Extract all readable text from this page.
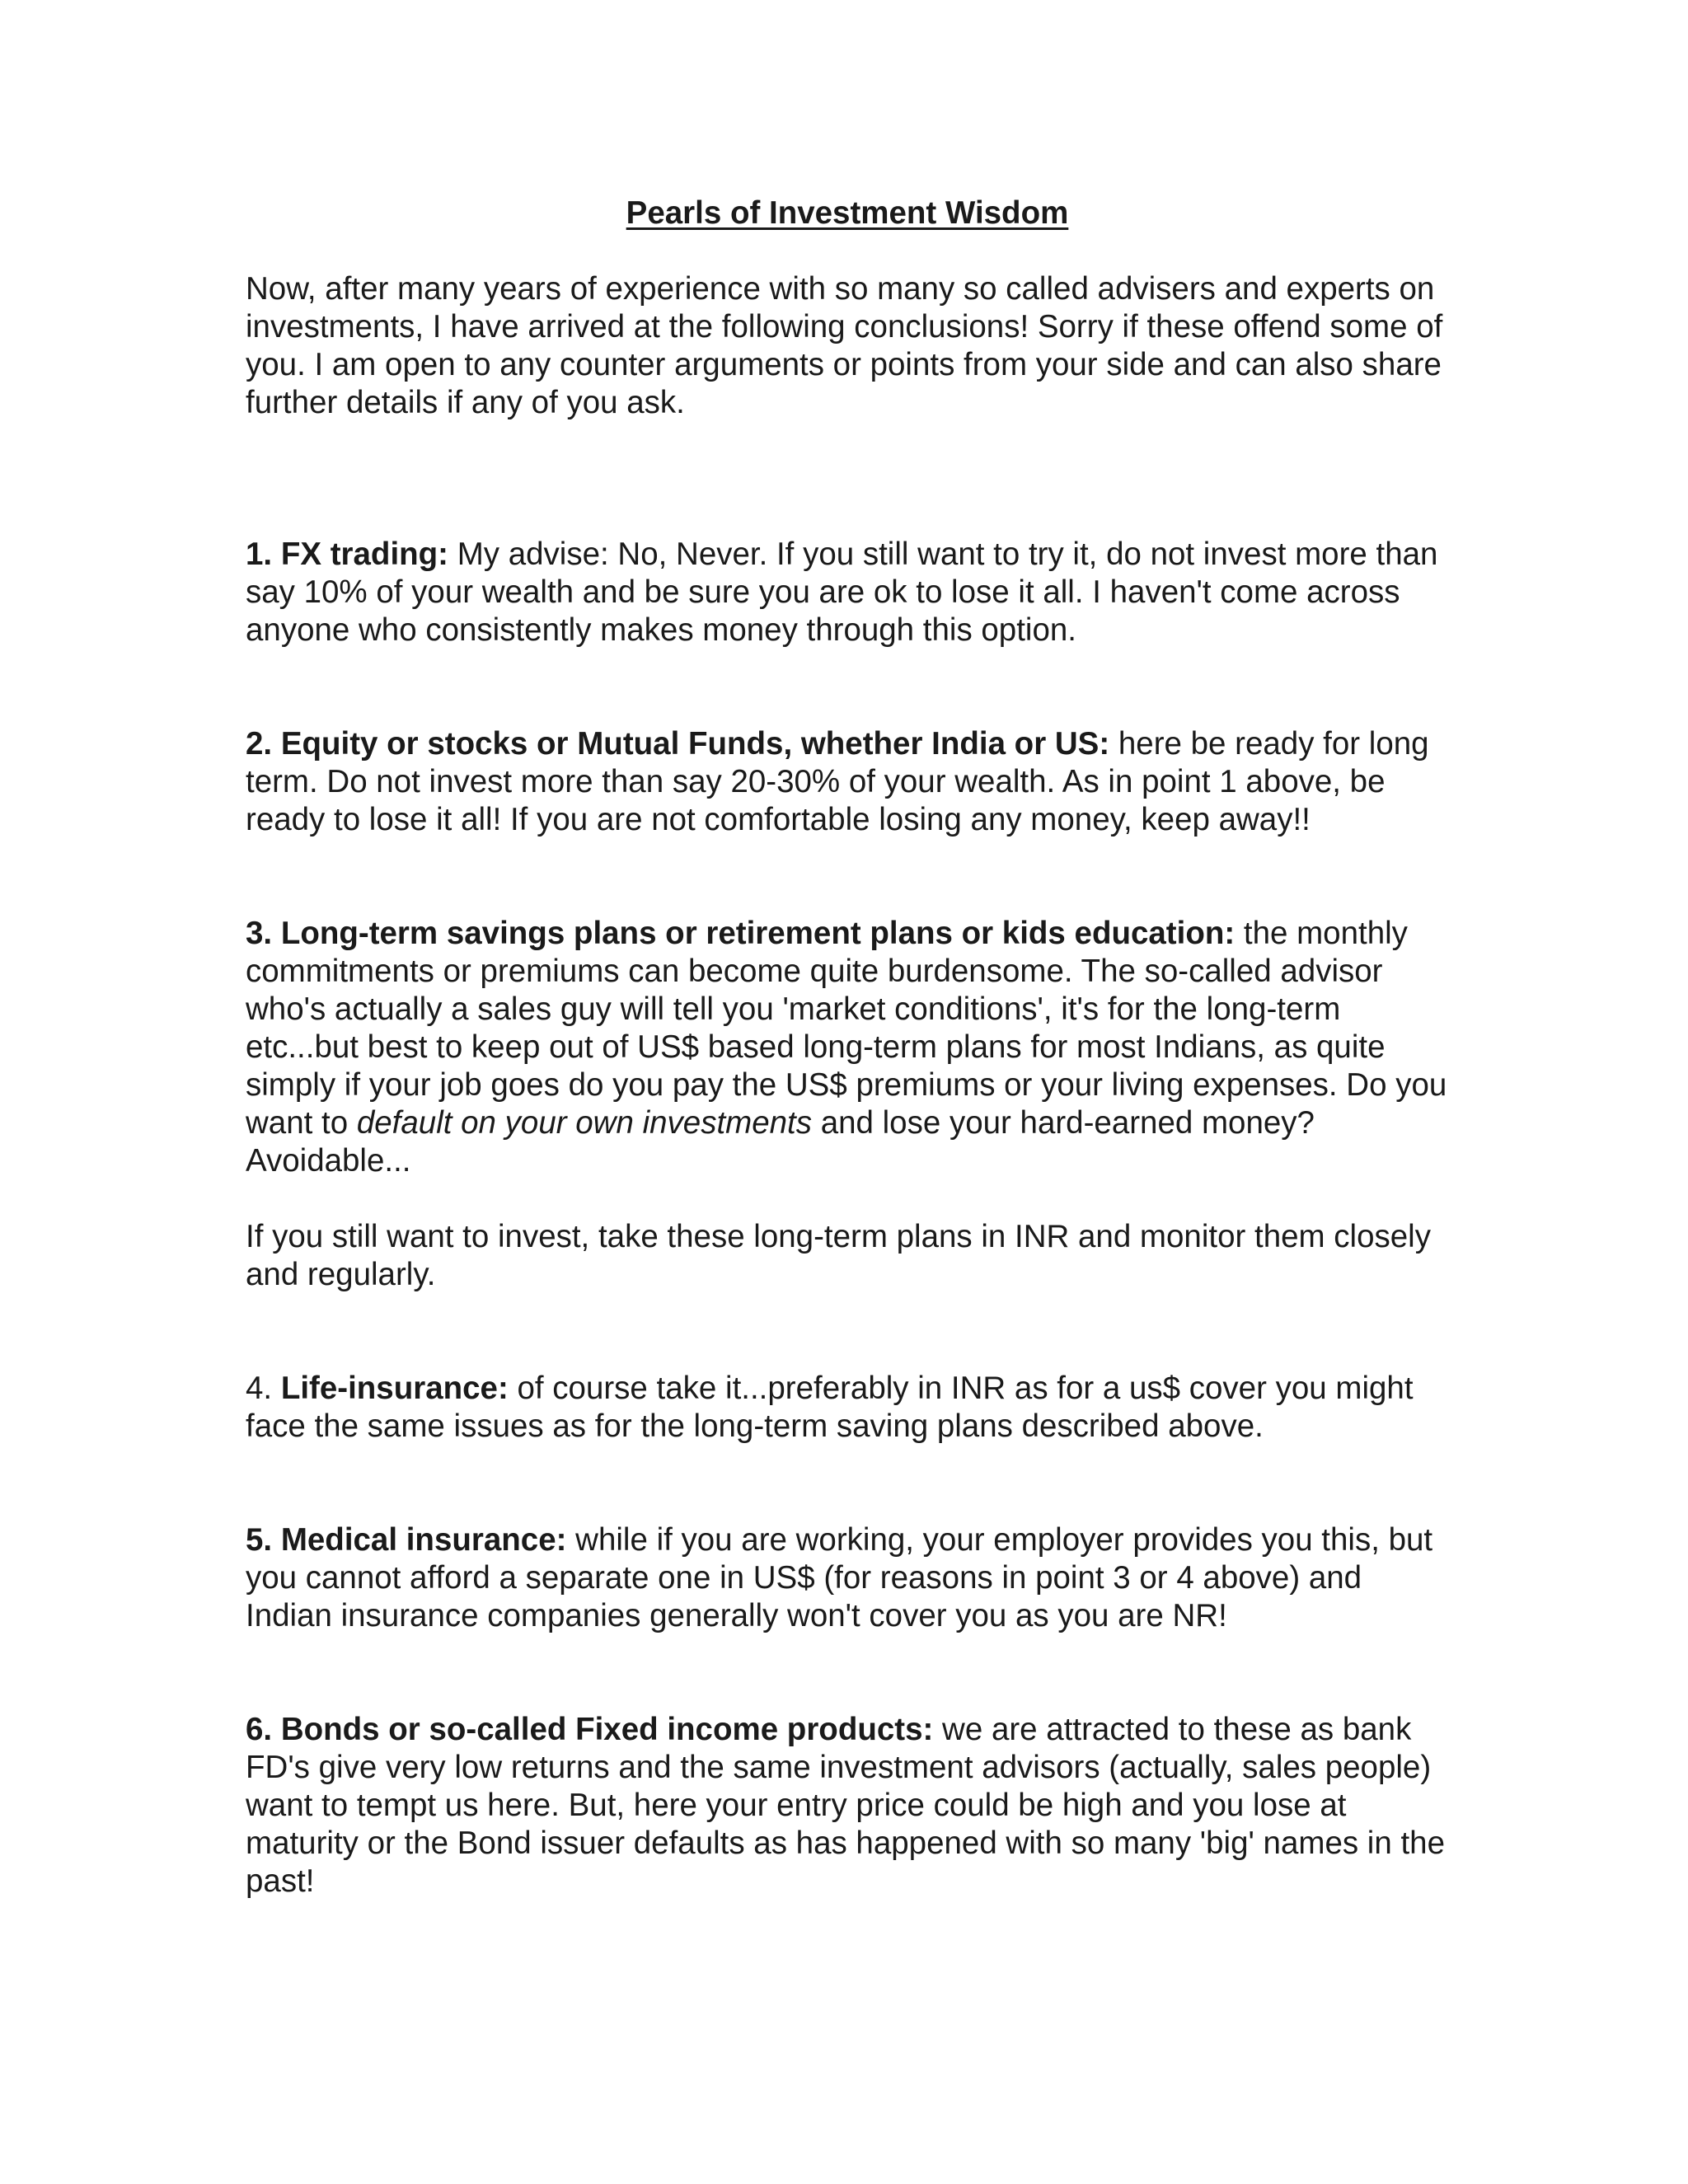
Pearls of Investment Wisdom

Now, after many years of experience with so many so called advisers and experts on investments, I have arrived at the following conclusions! Sorry if these offend some of you. I am open to any counter arguments or points from your side and can also share further details if any of you ask.

1. FX trading: My advise: No, Never. If you still want to try it, do not invest more than say 10% of your wealth and be sure you are ok to lose it all. I haven't come across anyone who consistently makes money through this option.

2. Equity or stocks or Mutual Funds, whether India or US: here be ready for long term. Do not invest more than say 20-30% of your wealth. As in point 1 above, be ready to lose it all! If you are not comfortable losing any money, keep away!!

3. Long-term savings plans or retirement plans or kids education: the monthly commitments or premiums can become quite burdensome. The so-called advisor who's actually a sales guy will tell you 'market conditions', it's for the long-term etc...but best to keep out of US$ based long-term plans for most Indians, as quite simply if your job goes do you pay the US$ premiums or your living expenses. Do you want to default on your own investments and lose your hard-earned money? Avoidable...

If you still want to invest, take these long-term plans in INR and monitor them closely and regularly.

4. Life-insurance: of course take it...preferably in INR as for a us$ cover you might face the same issues as for the long-term saving plans described above.

5. Medical insurance: while if you are working, your employer provides you this, but you cannot afford a separate one in US$ (for reasons in point 3 or 4 above) and Indian insurance companies generally won't cover you as you are NR!

6. Bonds or so-called Fixed income products: we are attracted to these as bank FD's give very low returns and the same investment advisors (actually, sales people) want to tempt us here. But, here your entry price could be high and you lose at maturity or the Bond issuer defaults as has happened with so many 'big' names in the past!
